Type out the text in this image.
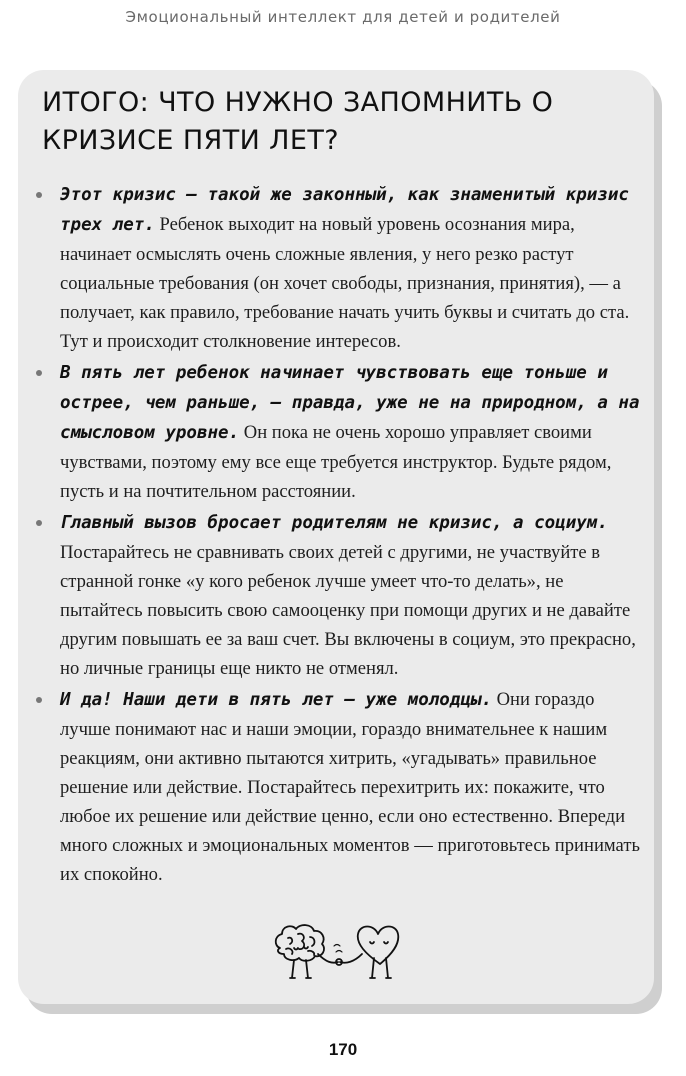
Эмоциональный интеллект для детей и родителей
ИТОГО: ЧТО НУЖНО ЗАПОМНИТЬ О КРИЗИСЕ ПЯТИ ЛЕТ?
Этот кризис — такой же законный, как знаменитый кризис трех лет. Ребенок выходит на новый уровень осознания мира, начинает осмыслять очень сложные явления, у него резко растут социальные требования (он хочет свободы, признания, принятия), — а получает, как правило, требование начать учить буквы и считать до ста. Тут и происходит столкновение интересов.
В пять лет ребенок начинает чувствовать еще тоньше и острее, чем раньше, — правда, уже не на природном, а на смысловом уровне. Он пока не очень хорошо управляет своими чувствами, поэтому ему все еще требуется инструктор. Будьте рядом, пусть и на почтительном расстоянии.
Главный вызов бросает родителям не кризис, а социум. Постарайтесь не сравнивать своих детей с другими, не участвуйте в странной гонке «у кого ребенок лучше умеет что-то делать», не пытайтесь повысить свою самооценку при помощи других и не давайте другим повышать ее за ваш счет. Вы включены в социум, это прекрасно, но личные границы еще никто не отменял.
И да! Наши дети в пять лет — уже молодцы. Они гораздо лучше понимают нас и наши эмоции, гораздо внимательнее к нашим реакциям, они активно пытаются хитрить, «угадывать» правильное решение или действие. Постарайтесь перехитрить их: покажите, что любое их решение или действие ценно, если оно естественно. Впереди много сложных и эмоциональных моментов — приготовьтесь принимать их спокойно.
170
